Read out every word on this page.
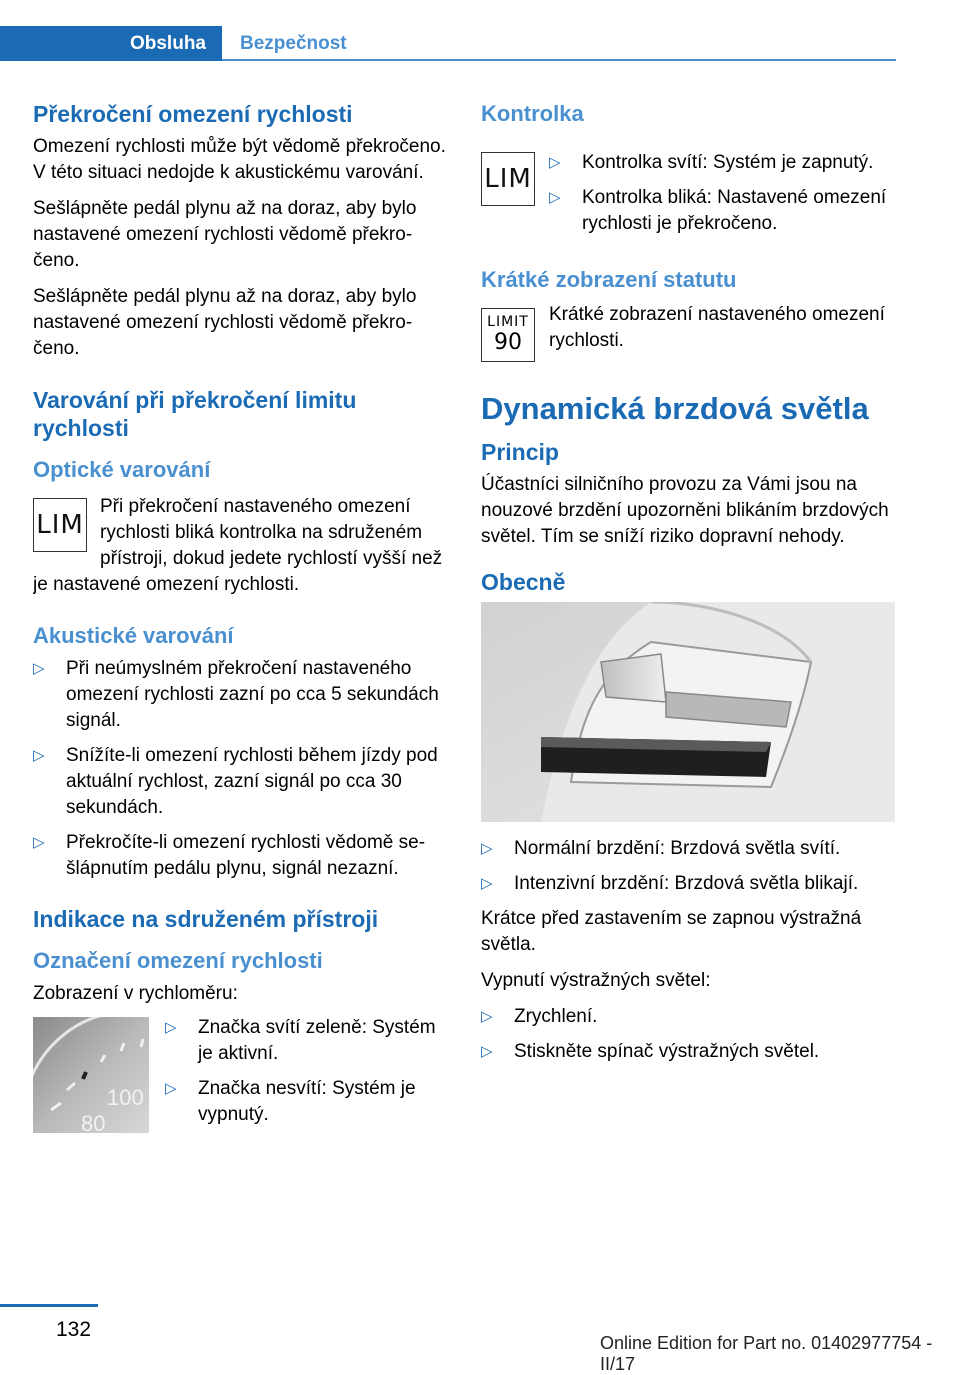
Obsluha Bezpečnost
Překročení omezení rychlosti

Omezení rychlosti může být vědomě překročeno. V této situaci nedojde k akustickému varování.

Sešlápněte pedál plynu až na doraz, aby bylo nastavené omezení rychlosti vědomě překročeno.

Sešlápněte pedál plynu až na doraz, aby bylo nastavené omezení rychlosti vědomě překročeno.

Varování při překročení limitu rychlosti
Optické varování
LIM

Při překročení nastaveného omezení rychlosti bliká kontrolka na sdruženém přístroji, dokud jedete rychlostí vyšší než je nastavené omezení rychlosti.

Akustické varování
▷ Při neúmyslném překročení nastaveného omezení rychlosti zazní po cca 5 sekundách signál.
▷ Snížíte-li omezení rychlosti během jízdy pod aktuální rychlost, zazní signál po cca 30 sekundách.
▷ Překročíte-li omezení rychlosti vědomě sešlápnutím pedálu plynu, signál nezazní.
Indikace na sdruženém přístroji
Označení omezení rychlosti

Zobrazení v rychloměru:

100
80
▷ Značka svítí zeleně: Systém je aktivní.
▷ Značka nesvítí: Systém je vypnutý.
Kontrolka
LIM
▷ Kontrolka svítí: Systém je zapnutý.
▷ Kontrolka bliká: Nastavené omezení rychlosti je překročeno.
Krátké zobrazení statutu
LIMIT
90

Krátké zobrazení nastaveného omezení rychlosti.

Dynamická brzdová světla
Princip

Účastníci silničního provozu za Vámi jsou na nouzové brzdění upozorněni blikáním brzdových světel. Tím se sníží riziko dopravní nehody.

Obecně
▷ Normální brzdění: Brzdová světla svítí.
▷ Intenzivní brzdění: Brzdová světla blikají.

Krátce před zastavením se zapnou výstražná světla.

Vypnutí výstražných světel:

▷ Zrychlení.
▷ Stiskněte spínač výstražných světel.
132
Online Edition for Part no. 01402977754 - II/17
